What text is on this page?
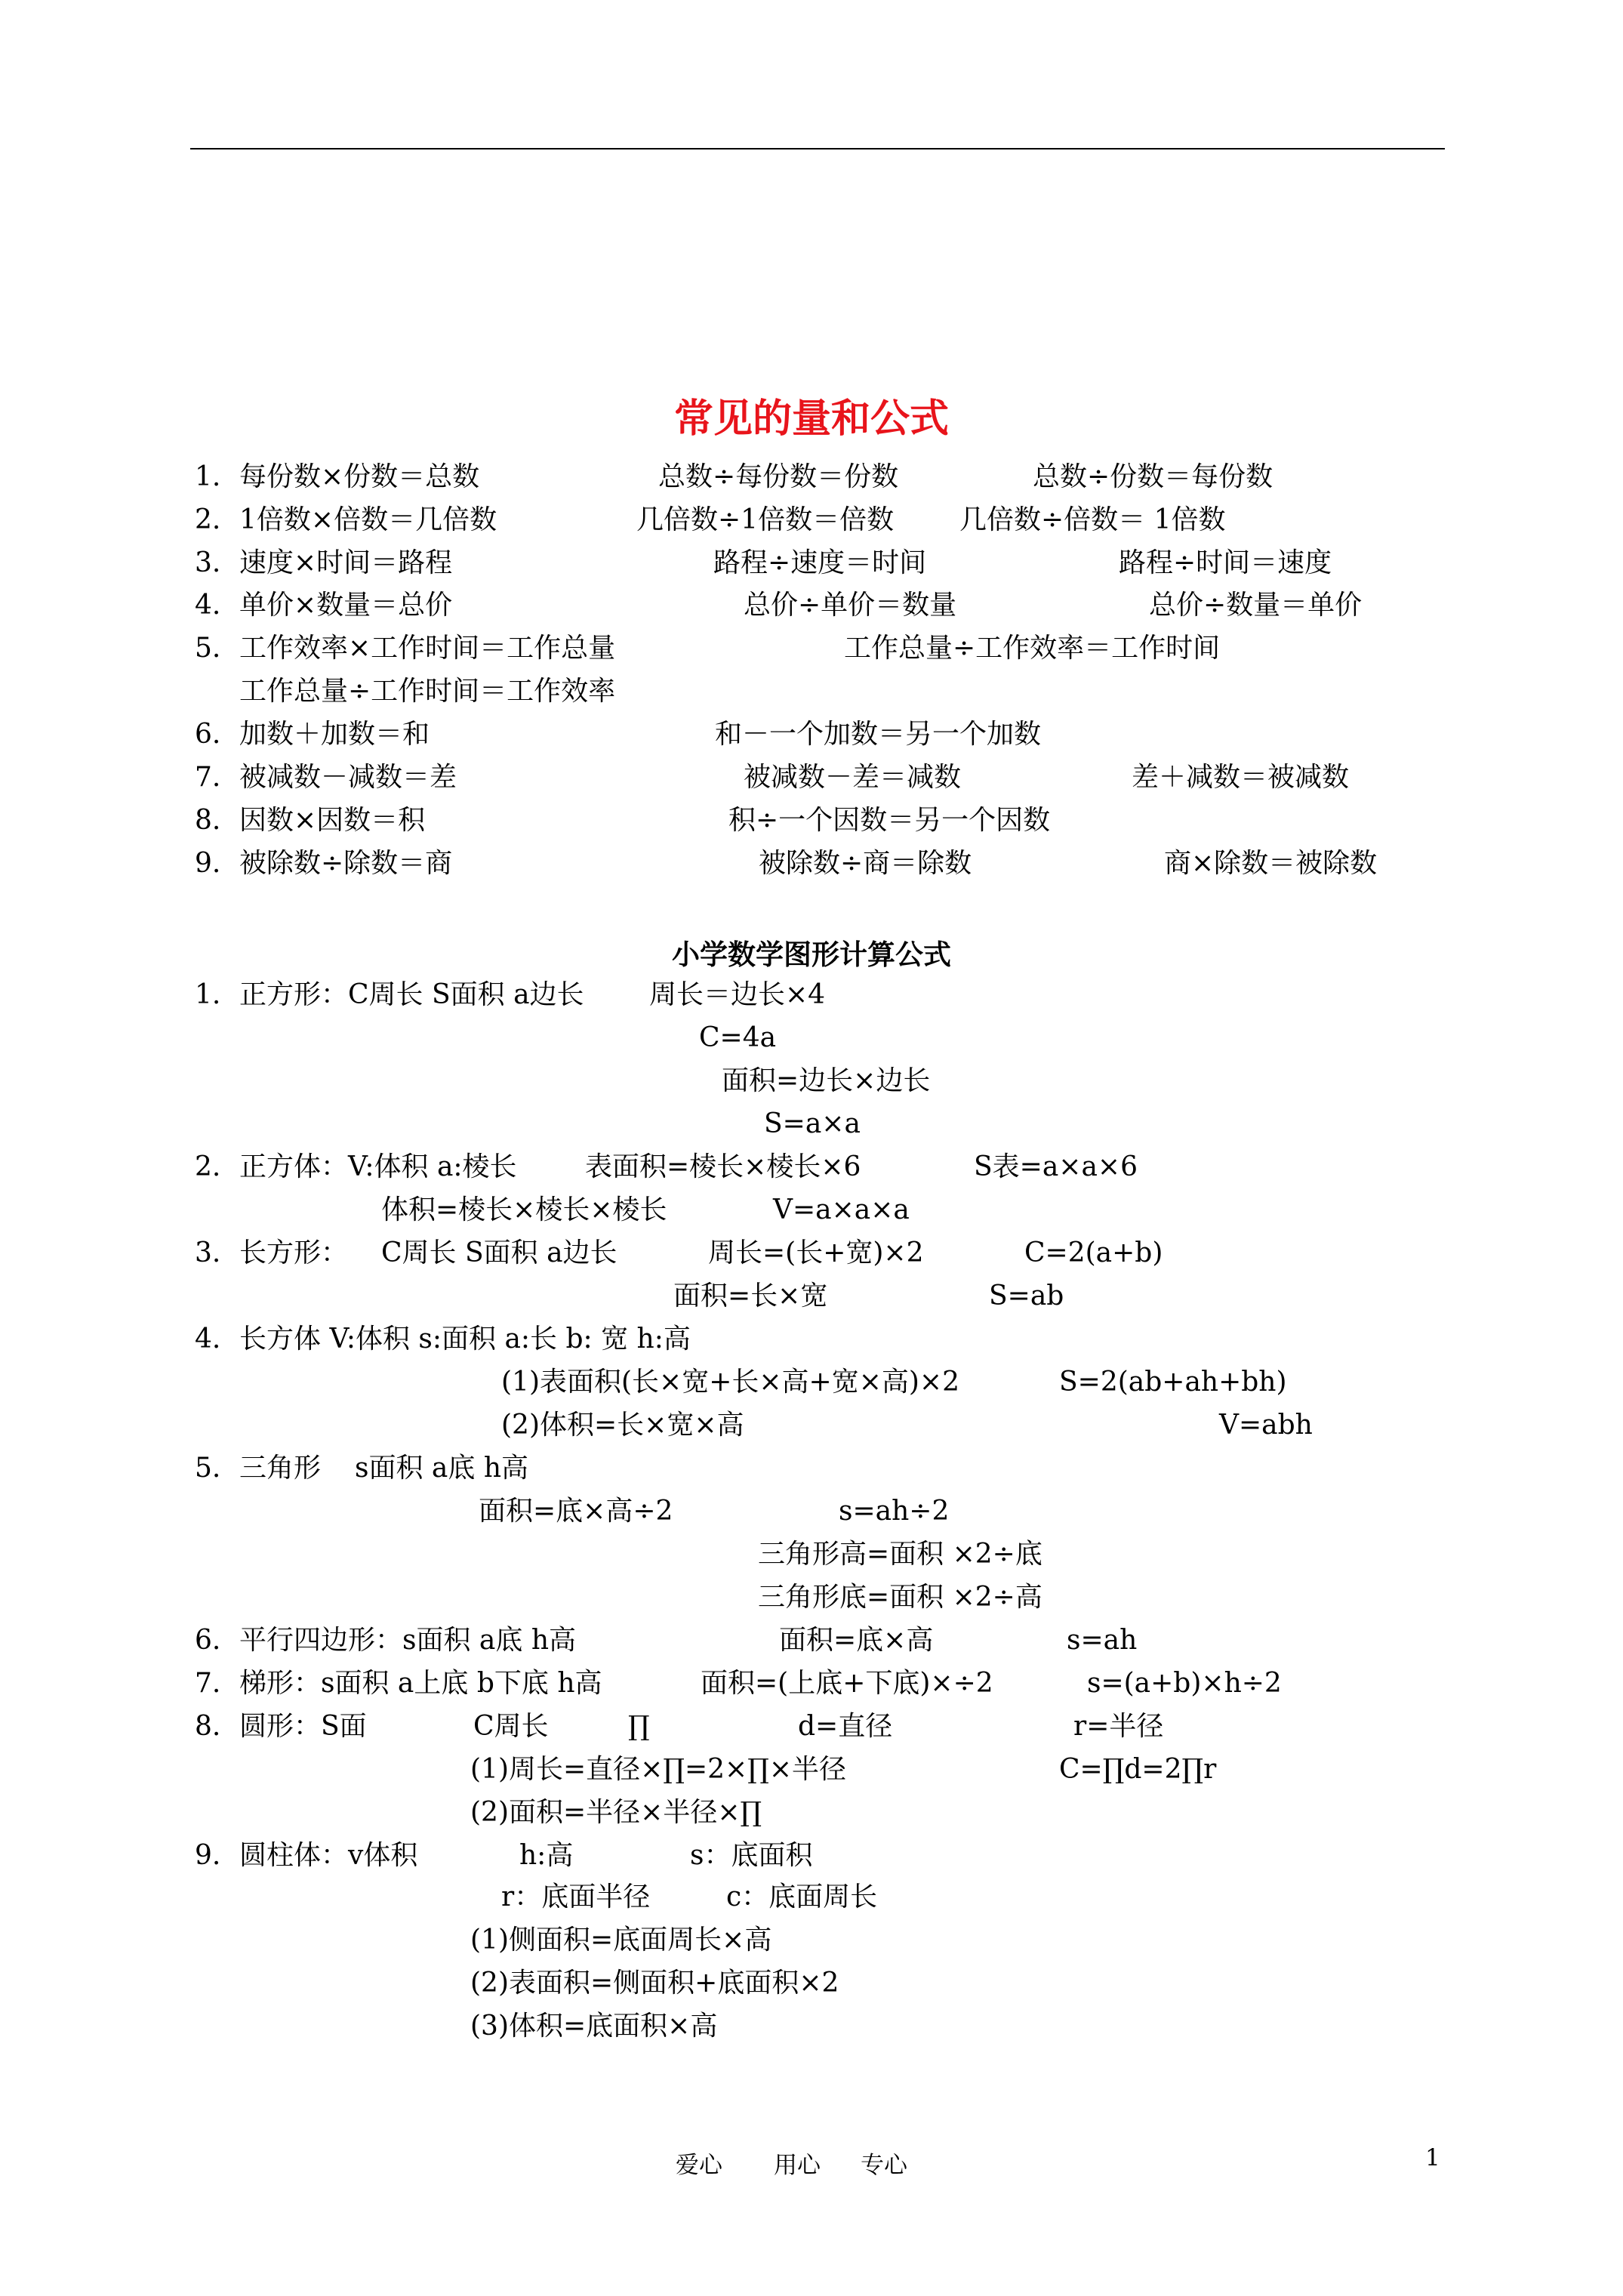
常见的量和公式
1. 每份数×份数＝总数	总数÷每份数＝份数	总数÷份数＝每份数
2. 1倍数×倍数＝几倍数	几倍数÷1倍数＝倍数 几倍数÷倍数＝ 1倍数
3. 速度×时间＝路程	路程÷速度＝时间	路程÷时间＝速度
4. 单价×数量＝总价	总价÷单价＝数量	总价÷数量＝单价
5. 工作效率×工作时间＝工作总量	工作总量÷工作效率＝工作时间
工作总量÷工作时间＝工作效率
6. 加数＋加数＝和	和－一个加数＝另一个加数
7. 被减数－减数＝差	被减数－差＝减数	差＋减数＝被减数
8. 因数×因数＝积	积÷一个因数＝另一个因数
9. 被除数÷除数＝商	被除数÷商＝除数	商×除数＝被除数
小学数学图形计算公式
1. 正方形：C周长 S面积 a边长 周长＝边长×4
C=4a
面积=边长×边长
S=a×a
2. 正方体：V:体积 a:棱长	表面积=棱长×棱长×6	S表=a×a×6
体积=棱长×棱长×棱长	V=a×a×a
3. 长方形： C周长 S面积 a边长	周长=(长+宽)×2	C=2(a+b)
面积=长×宽	S=ab
4. 长方体 V:体积 s:面积 a:长 b: 宽 h:高
(1)表面积(长×宽+长×高+宽×高)×2	S=2(ab+ah+bh)
(2)体积=长×宽×高	V=abh
5. 三角形 s面积 a底 h高
面积=底×高÷2	s=ah÷2
三角形高=面积 ×2÷底
三角形底=面积 ×2÷高
6. 平行四边形：s面积 a底 h高	面积=底×高	s=ah
7. 梯形：s面积 a上底 b下底 h高	面积=(上底+下底)×÷2	s=(a+b)×h÷2
8. 圆形：S面	C周长	∏	d=直径	r=半径
(1)周长=直径×∏=2×∏×半径	C=∏d=2∏r
(2)面积=半径×半径×∏
9. 圆柱体：v体积	h:高	s：底面积
r：底面半径	c：底面周长
(1)侧面积=底面周长×高
(2)表面积=侧面积+底面积×2
(3)体积=底面积×高
爱心 用心 专心	1
